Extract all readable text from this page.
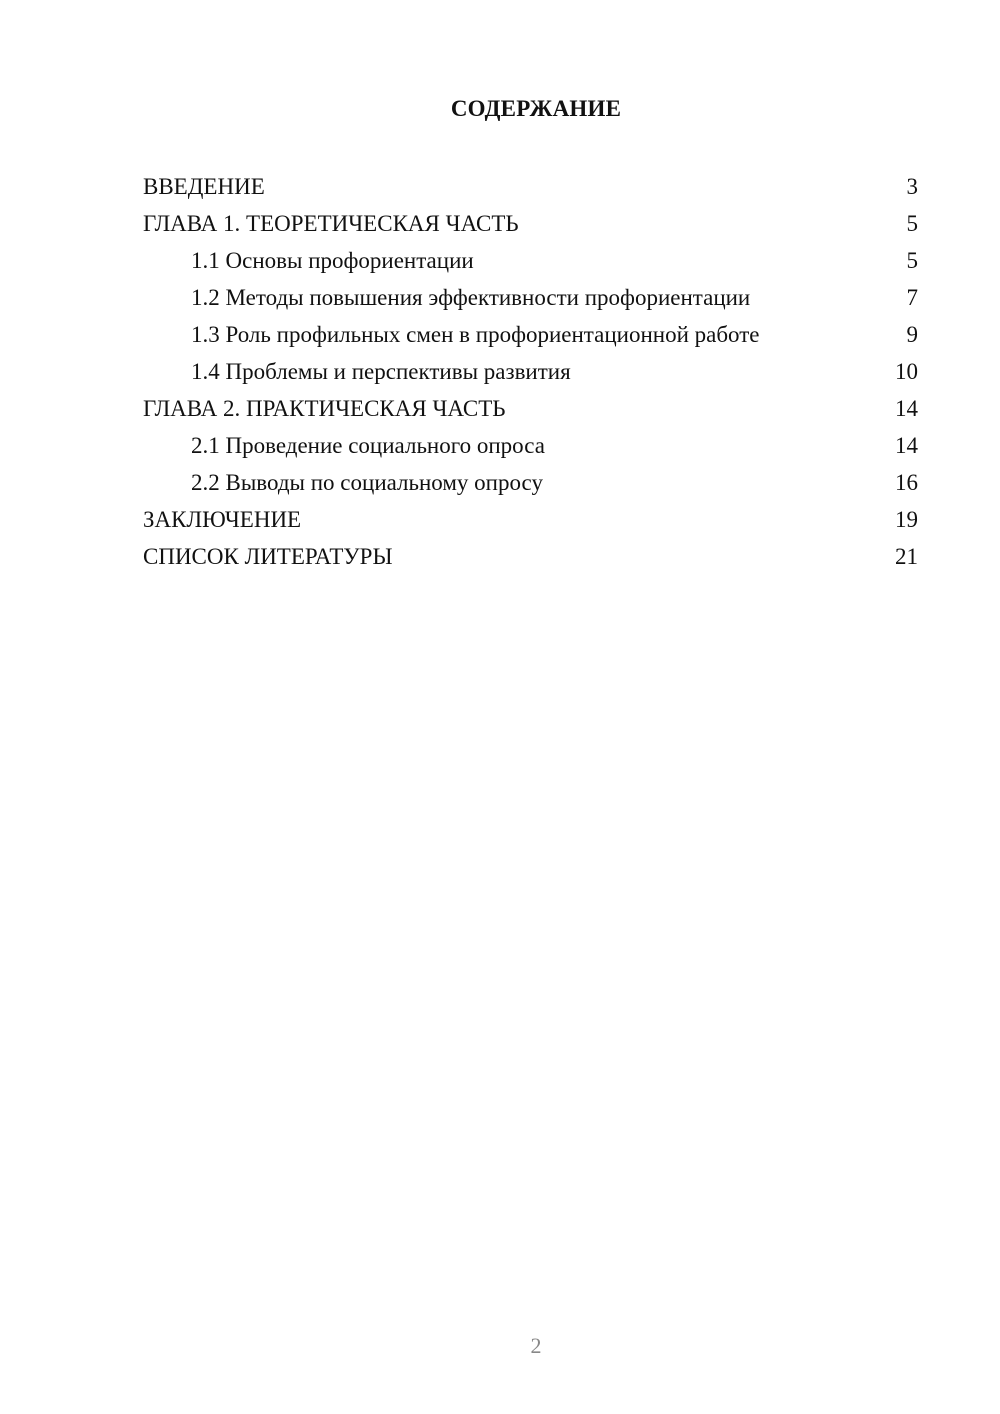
СОДЕРЖАНИЕ
ВВЕДЕНИЕ	3
ГЛАВА 1. ТЕОРЕТИЧЕСКАЯ ЧАСТЬ	5
1.1 Основы профориентации	5
1.2 Методы повышения эффективности профориентации	7
1.3 Роль профильных смен в профориентационной работе	9
1.4 Проблемы и перспективы развития	10
ГЛАВА 2. ПРАКТИЧЕСКАЯ ЧАСТЬ	14
2.1 Проведение социального опроса	14
2.2 Выводы по социальному опросу	16
ЗАКЛЮЧЕНИЕ	19
СПИСОК ЛИТЕРАТУРЫ	21
2
